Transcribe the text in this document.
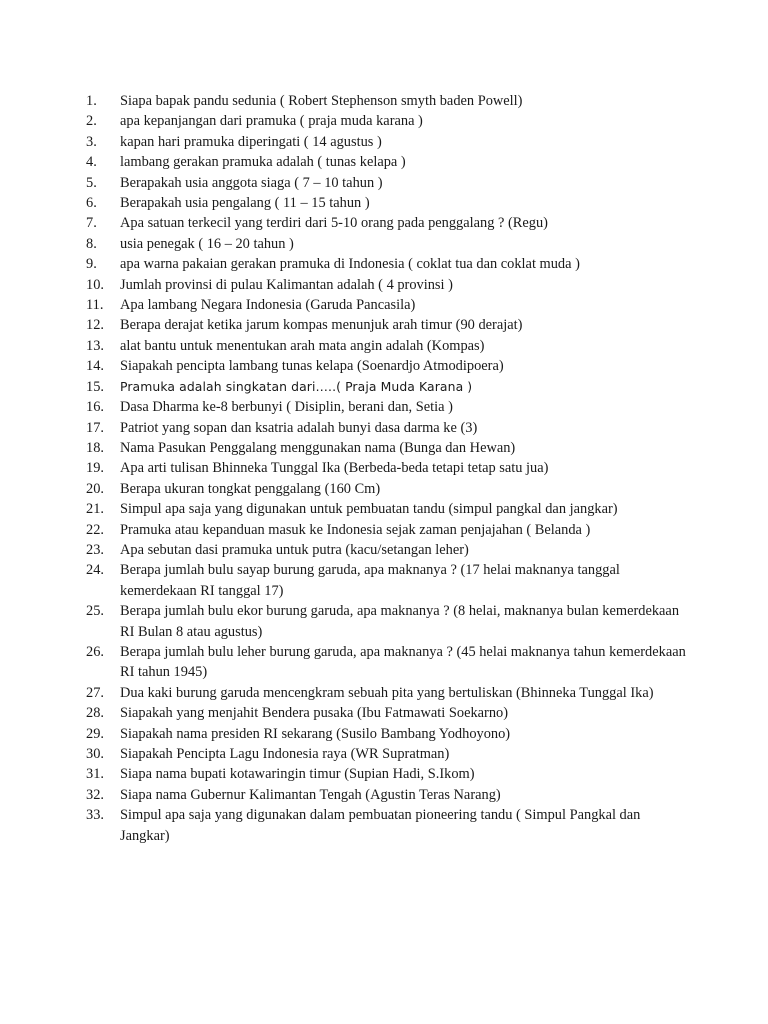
1.	Siapa bapak pandu sedunia ( Robert Stephenson smyth baden Powell)
2.	apa kepanjangan dari pramuka ( praja muda karana )
3.	kapan hari pramuka diperingati ( 14 agustus )
4.	lambang gerakan pramuka adalah ( tunas kelapa )
5.	Berapakah usia anggota siaga ( 7 – 10 tahun )
6.	Berapakah usia pengalang ( 11 – 15 tahun )
7.	Apa satuan terkecil yang terdiri dari 5-10 orang pada penggalang ? (Regu)
8.	usia penegak ( 16 – 20 tahun )
9.	apa warna pakaian gerakan pramuka di Indonesia ( coklat tua dan coklat muda )
10.	Jumlah provinsi di pulau Kalimantan adalah ( 4 provinsi )
11.	Apa lambang Negara Indonesia (Garuda Pancasila)
12.	Berapa derajat ketika jarum kompas menunjuk arah timur (90 derajat)
13.	alat bantu untuk menentukan arah mata angin adalah (Kompas)
14.	Siapakah pencipta lambang tunas kelapa (Soenardjo Atmodipoera)
15.	Pramuka adalah singkatan dari…..( Praja Muda Karana )
16.	Dasa Dharma ke-8 berbunyi ( Disiplin, berani dan, Setia )
17.	Patriot yang sopan dan ksatria adalah bunyi dasa darma ke (3)
18.	Nama Pasukan Penggalang menggunakan nama (Bunga dan Hewan)
19.	Apa arti tulisan Bhinneka Tunggal Ika (Berbeda-beda tetapi tetap satu jua)
20.	Berapa ukuran tongkat penggalang (160 Cm)
21.	Simpul apa saja yang digunakan untuk pembuatan tandu (simpul pangkal dan jangkar)
22.	Pramuka atau kepanduan masuk ke Indonesia sejak zaman penjajahan ( Belanda )
23.	Apa sebutan dasi pramuka untuk putra (kacu/setangan leher)
24.	Berapa jumlah bulu sayap burung garuda, apa maknanya ? (17 helai maknanya tanggal kemerdekaan RI tanggal 17)
25.	Berapa jumlah bulu ekor burung garuda, apa maknanya ? (8 helai, maknanya bulan kemerdekaan RI Bulan 8 atau agustus)
26.	Berapa jumlah bulu leher burung garuda, apa maknanya ? (45 helai maknanya tahun kemerdekaan RI tahun 1945)
27.	Dua kaki burung garuda mencengkram sebuah pita yang bertuliskan (Bhinneka Tunggal Ika)
28.	Siapakah yang menjahit Bendera pusaka (Ibu Fatmawati Soekarno)
29.	Siapakah nama presiden RI sekarang (Susilo Bambang Yodhoyono)
30.	Siapakah Pencipta Lagu Indonesia raya (WR Supratman)
31.	Siapa nama bupati kotawaringin timur (Supian Hadi, S.Ikom)
32.	Siapa nama Gubernur Kalimantan Tengah (Agustin Teras Narang)
33.	Simpul apa saja yang digunakan dalam pembuatan pioneering tandu ( Simpul Pangkal dan Jangkar)
